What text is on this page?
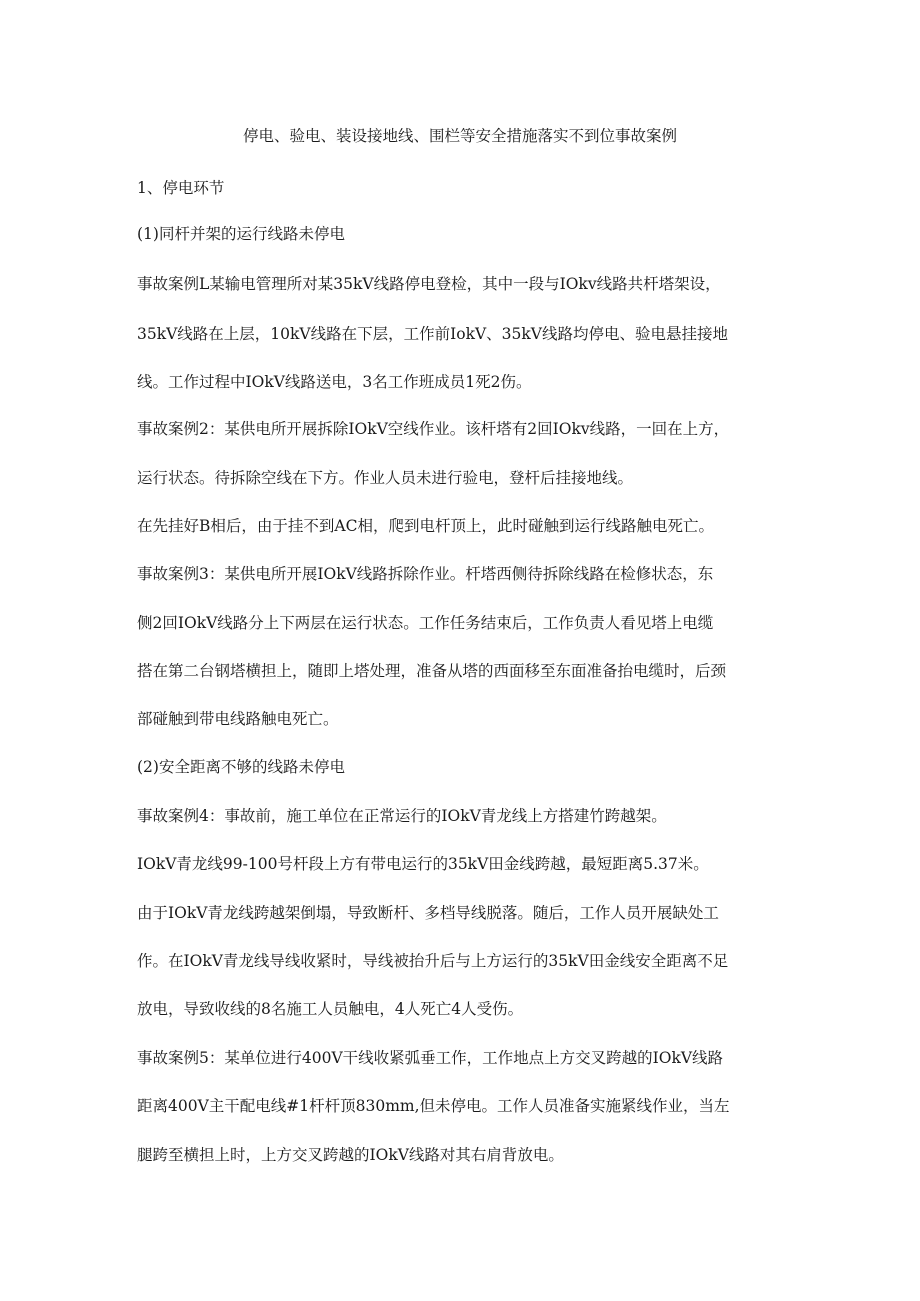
停电、验电、装设接地线、围栏等安全措施落实不到位事故案例
1、停电环节
(1)同杆并架的运行线路未停电
事故案例L某输电管理所对某35kV线路停电登检，其中一段与IOkv线路共杆塔架设，
35kV线路在上层，10kV线路在下层，工作前IokV、35kV线路均停电、验电悬挂接地
线。工作过程中IOkV线路送电，3名工作班成员1死2伤。
事故案例2：某供电所开展拆除IOkV空线作业。该杆塔有2回IOkv线路，一回在上方，
运行状态。待拆除空线在下方。作业人员未进行验电，登杆后挂接地线。
在先挂好B相后，由于挂不到AC相，爬到电杆顶上，此时碰触到运行线路触电死亡。
事故案例3：某供电所开展IOkV线路拆除作业。杆塔西侧待拆除线路在检修状态，东
侧2回IOkV线路分上下两层在运行状态。工作任务结束后，工作负责人看见塔上电缆
搭在第二台钢塔横担上，随即上塔处理，准备从塔的西面移至东面准备抬电缆时，后颈
部碰触到带电线路触电死亡。
(2)安全距离不够的线路未停电
事故案例4：事故前，施工单位在正常运行的IOkV青龙线上方搭建竹跨越架。
IOkV青龙线99-100号杆段上方有带电运行的35kV田金线跨越，最短距离5.37米。
由于IOkV青龙线跨越架倒塌，导致断杆、多档导线脱落。随后，工作人员开展缺处工
作。在IOkV青龙线导线收紧时，导线被抬升后与上方运行的35kV田金线安全距离不足
放电，导致收线的8名施工人员触电，4人死亡4人受伤。
事故案例5：某单位进行400V干线收紧弧垂工作，工作地点上方交叉跨越的IOkV线路
距离400V主干配电线#1杆杆顶830mm,但未停电。工作人员准备实施紧线作业，当左
腿跨至横担上时，上方交叉跨越的IOkV线路对其右肩背放电。
